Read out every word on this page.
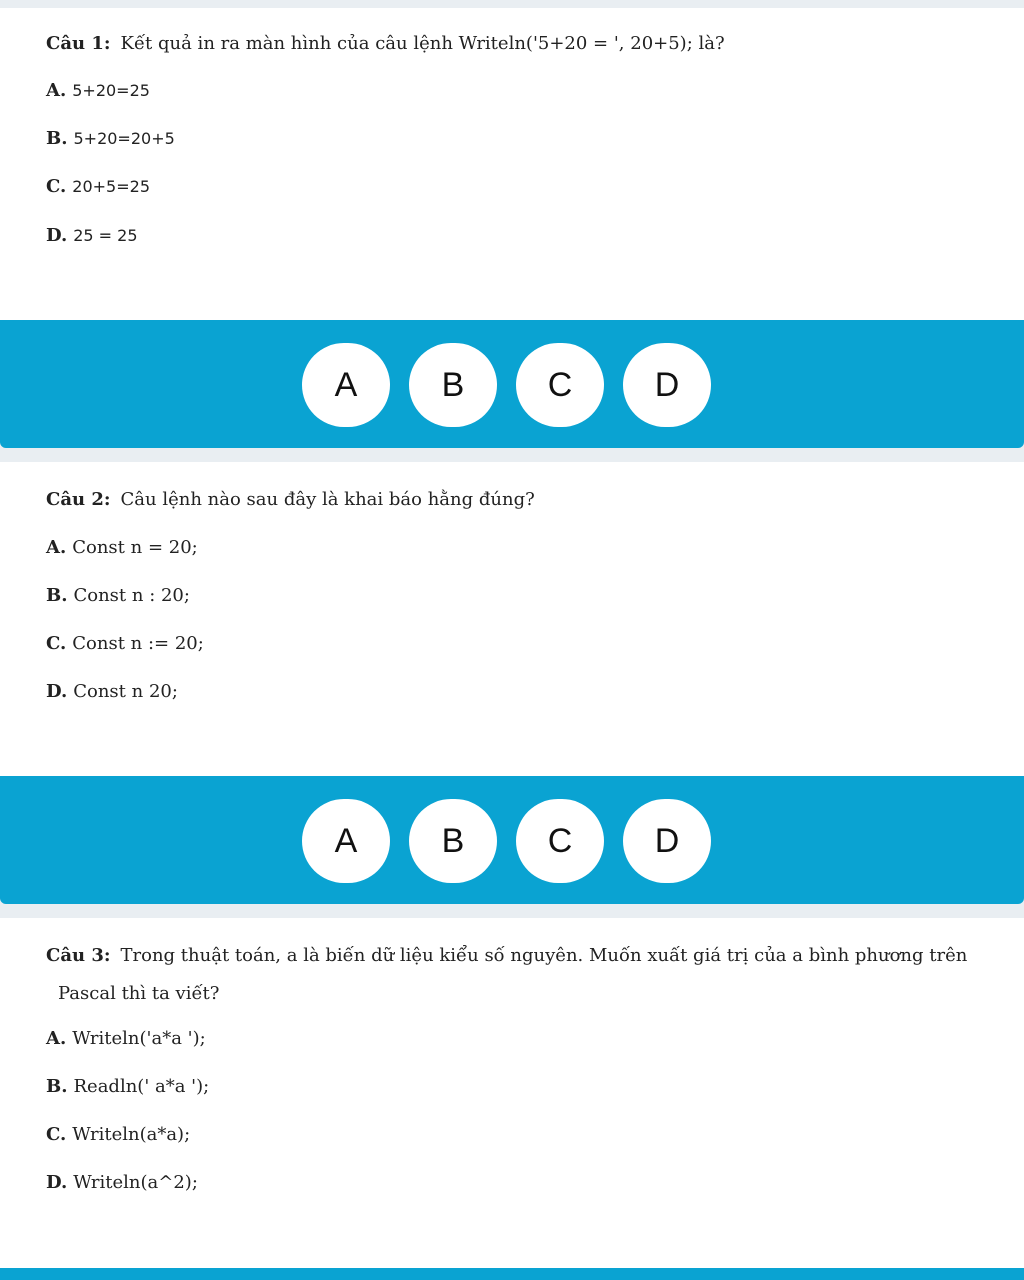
Câu 1: Kết quả in ra màn hình của câu lệnh Writeln('5+20 = ', 20+5); là?
A. 5+20=25
B. 5+20=20+5
C. 20+5=25
D. 25 = 25
A	B	C	D
Câu 2: Câu lệnh nào sau đây là khai báo hằng đúng?
A. Const n = 20;
B. Const n : 20;
C. Const n := 20;
D. Const n 20;
A	B	C	D
Câu 3: Trong thuật toán, a là biến dữ liệu kiểu số nguyên. Muốn xuất giá trị của a bình phương trên
Pascal thì ta viết?
A. Writeln('a*a ');
B. Readln(' a*a ');
C. Writeln(a*a);
D. Writeln(a^2);
